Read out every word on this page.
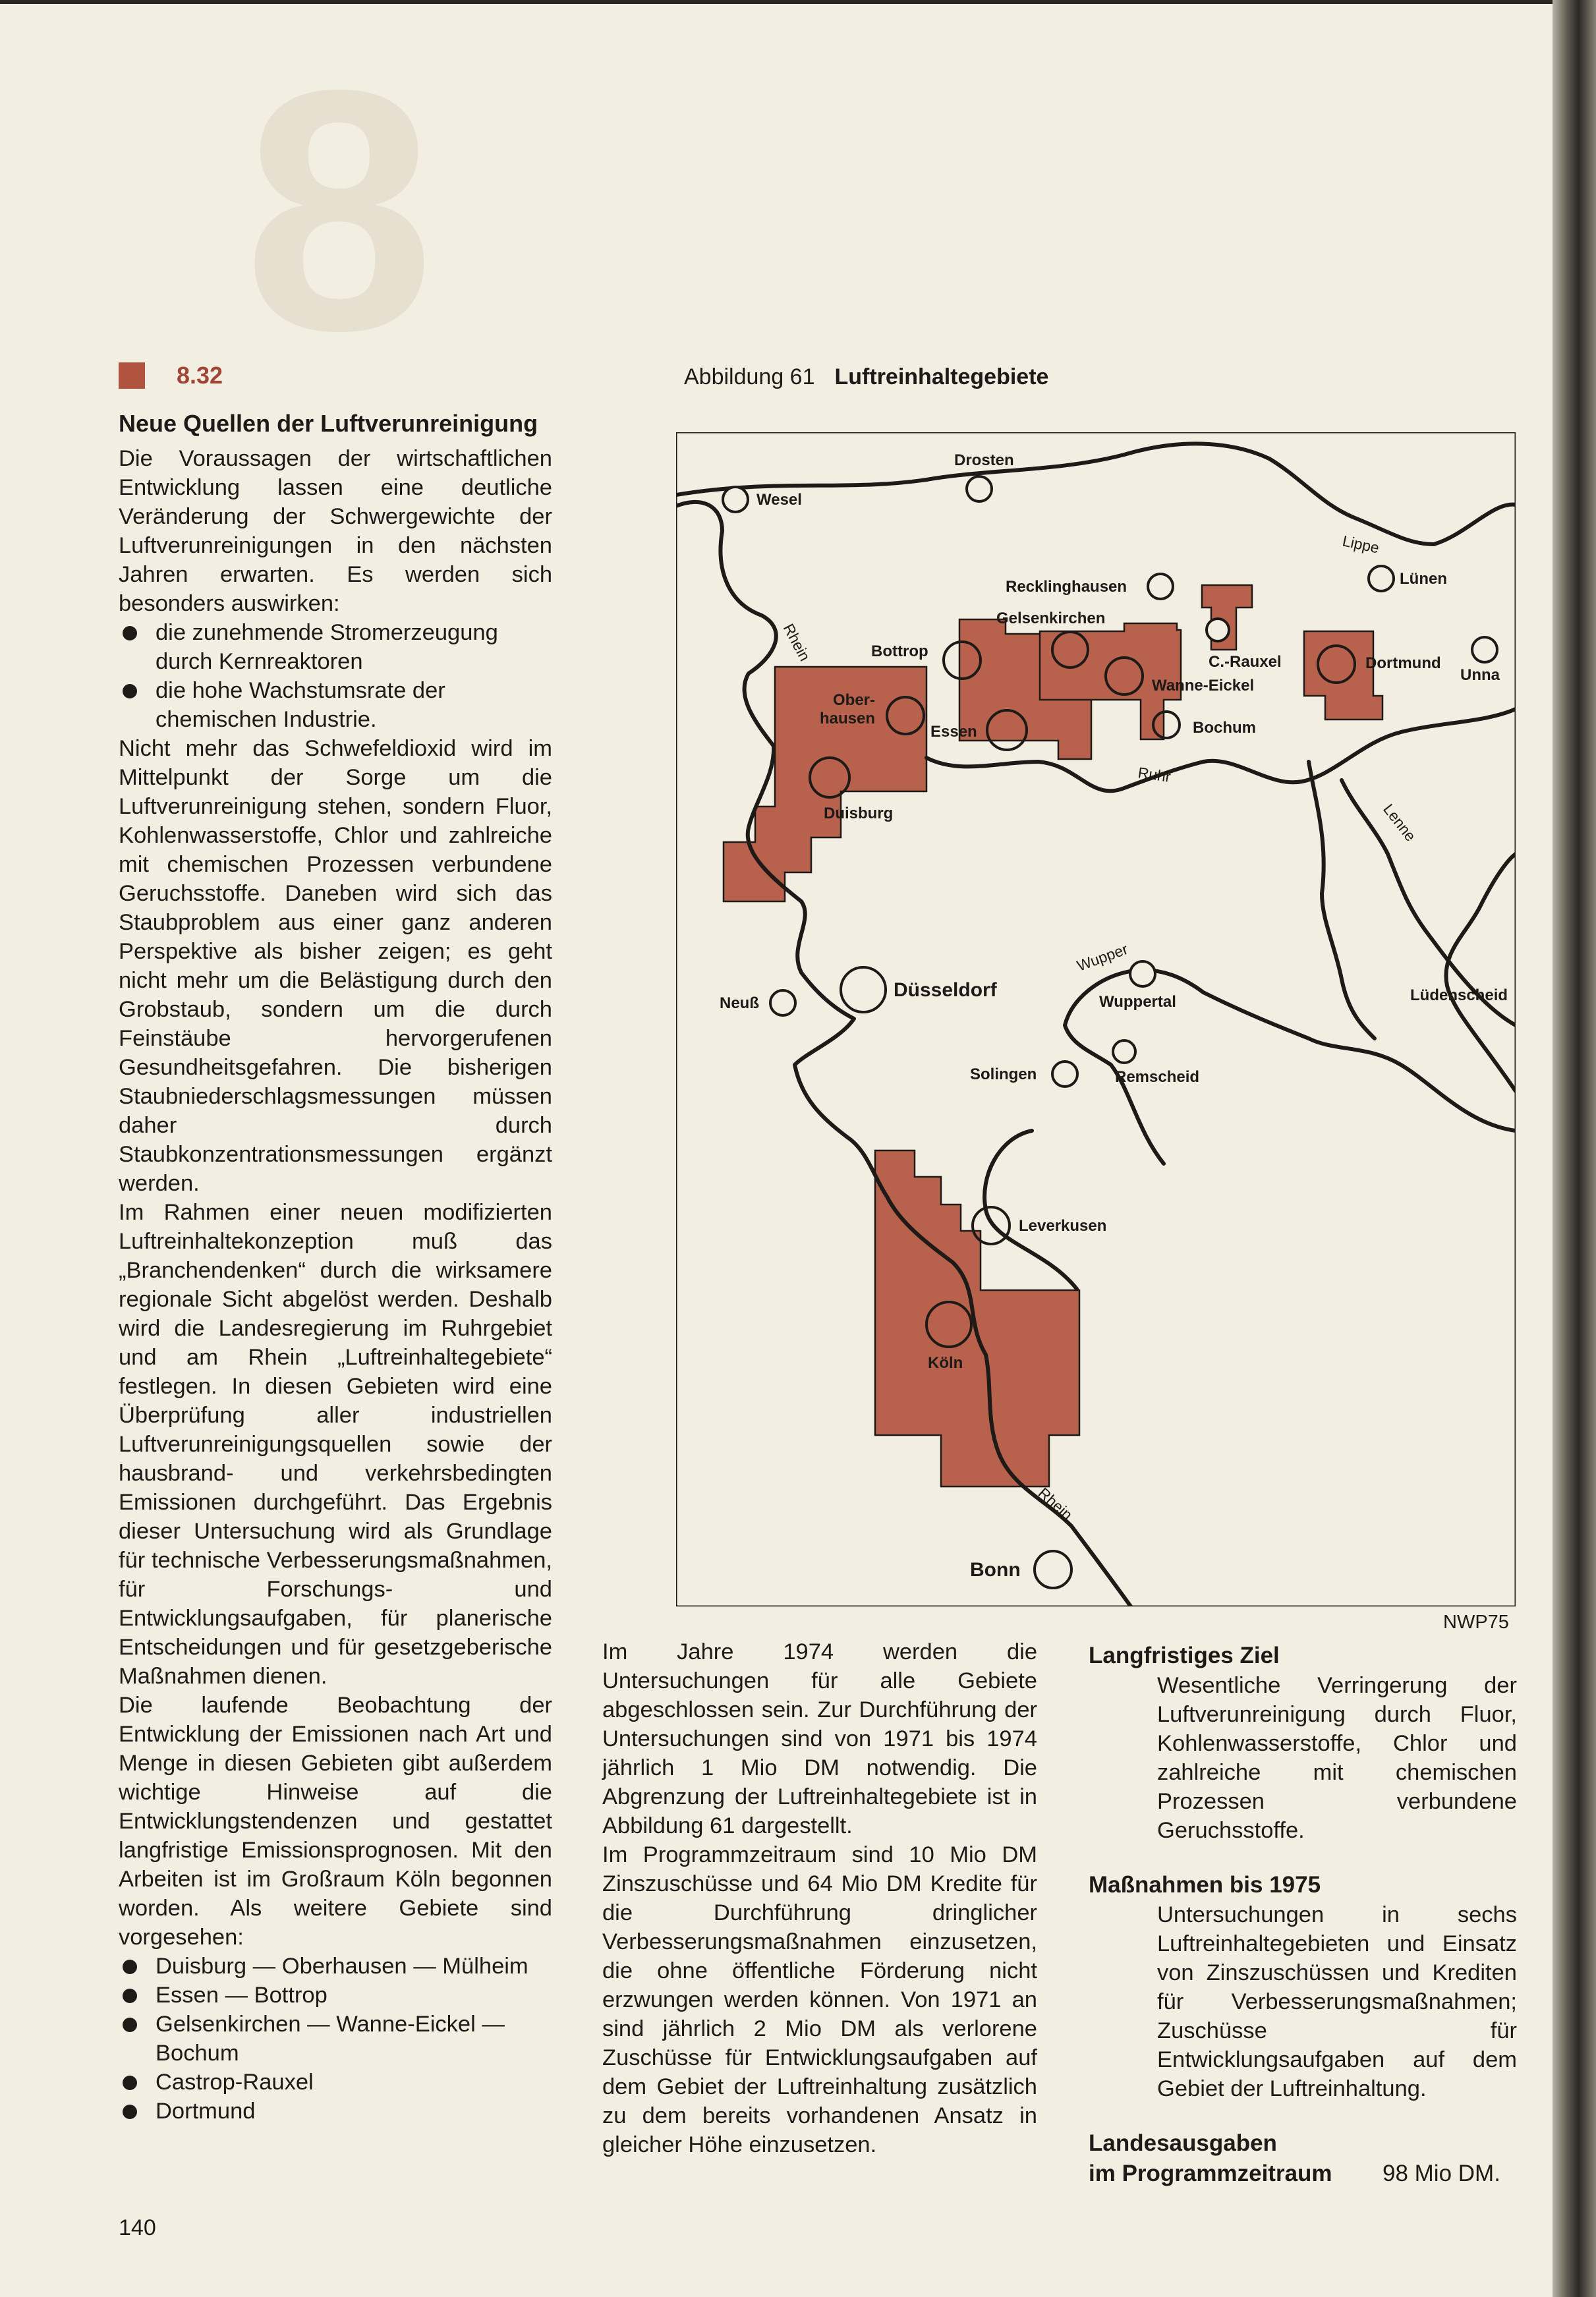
8
8.32
Neue Quellen der Luftverunreinigung

Die Voraussagen der wirtschaftlichen Entwicklung lassen eine deutliche Veränderung der Schwergewichte der Luftverunreinigungen in den nächsten Jahren erwarten. Es werden sich besonders auswirken:

die zunehmende Stromerzeugung durch Kernreaktoren
die hohe Wachstumsrate der chemischen Industrie.

Nicht mehr das Schwefeldioxid wird im Mittelpunkt der Sorge um die Luftverunreinigung stehen, sondern Fluor, Kohlenwasserstoffe, Chlor und zahlreiche mit chemischen Prozessen verbundene Geruchsstoffe. Daneben wird sich das Staubproblem aus einer ganz anderen Perspektive als bisher zeigen; es geht nicht mehr um die Belästigung durch den Grobstaub, sondern um die durch Feinstäube hervorgerufenen Gesundheitsgefahren. Die bisherigen Staubniederschlagsmessungen müssen daher durch Staubkonzentrationsmessungen ergänzt werden.

Im Rahmen einer neuen modifizierten Luftreinhaltekonzeption muß das „Branchendenken“ durch die wirksamere regionale Sicht abgelöst werden. Deshalb wird die Landesregierung im Ruhrgebiet und am Rhein „Luftreinhaltegebiete“ festlegen. In diesen Gebieten wird eine Überprüfung aller industriellen Luftverunreinigungsquellen sowie der hausbrand- und verkehrsbedingten Emissionen durchgeführt. Das Ergebnis dieser Untersuchung wird als Grundlage für technische Verbesserungsmaßnahmen, für Forschungs- und Entwicklungsaufgaben, für planerische Entscheidungen und für gesetzgeberische Maßnahmen dienen.

Die laufende Beobachtung der Entwicklung der Emissionen nach Art und Menge in diesen Gebieten gibt außerdem wichtige Hinweise auf die Entwicklungstendenzen und gestattet langfristige Emissionsprognosen. Mit den Arbeiten ist im Großraum Köln begonnen worden. Als weitere Gebiete sind vorgesehen:

Duisburg — Oberhausen — Mülheim
Essen — Bottrop
Gelsenkirchen — Wanne-Eickel — Bochum
Castrop-Rauxel
Dortmund
Abbildung 61 Luftreinhaltegebiete
Wesel
Drosten
Recklinghausen	Lünen
Gelsenkirchen
Bottrop
C.-Rauxel	Dortmund
Unna
Wanne-Eickel
Ober-
hausen
Essen	Bochum
Duisburg
Düsseldorf
Neuß	Wuppertal	Lüdenscheid
Solingen	Remscheid
Leverkusen
Köln
Bonn
Rhein
Rhein
Ruhr
Lippe
Lenne
Wupper
NWP75

Im Jahre 1974 werden die Untersuchungen für alle Gebiete abgeschlossen sein. Zur Durchführung der Untersuchungen sind von 1971 bis 1974 jährlich 1 Mio DM notwendig. Die Abgrenzung der Luftreinhaltegebiete ist in Abbildung 61 dargestellt.

Im Programmzeitraum sind 10 Mio DM Zinszuschüsse und 64 Mio DM Kredite für die Durchführung dringlicher Verbesserungsmaßnahmen einzusetzen, die ohne öffentliche Förderung nicht erzwungen werden können. Von 1971 an sind jährlich 2 Mio DM als verlorene Zuschüsse für Entwicklungsaufgaben auf dem Gebiet der Luftreinhaltung zusätzlich zu dem bereits vorhandenen Ansatz in gleicher Höhe einzusetzen.

Langfristiges Ziel
Wesentliche Verringerung der Luftverunreinigung durch Fluor, Kohlenwasserstoffe, Chlor und zahlreiche mit chemischen Prozessen verbundene Geruchsstoffe.
Maßnahmen bis 1975
Untersuchungen in sechs Luftreinhaltegebieten und Einsatz von Zinszuschüssen und Krediten für Verbesserungsmaßnahmen; Zuschüsse für Entwicklungsaufgaben auf dem Gebiet der Luftreinhaltung.
Landesausgaben
im Programmzeitraum 98 Mio DM.
140
